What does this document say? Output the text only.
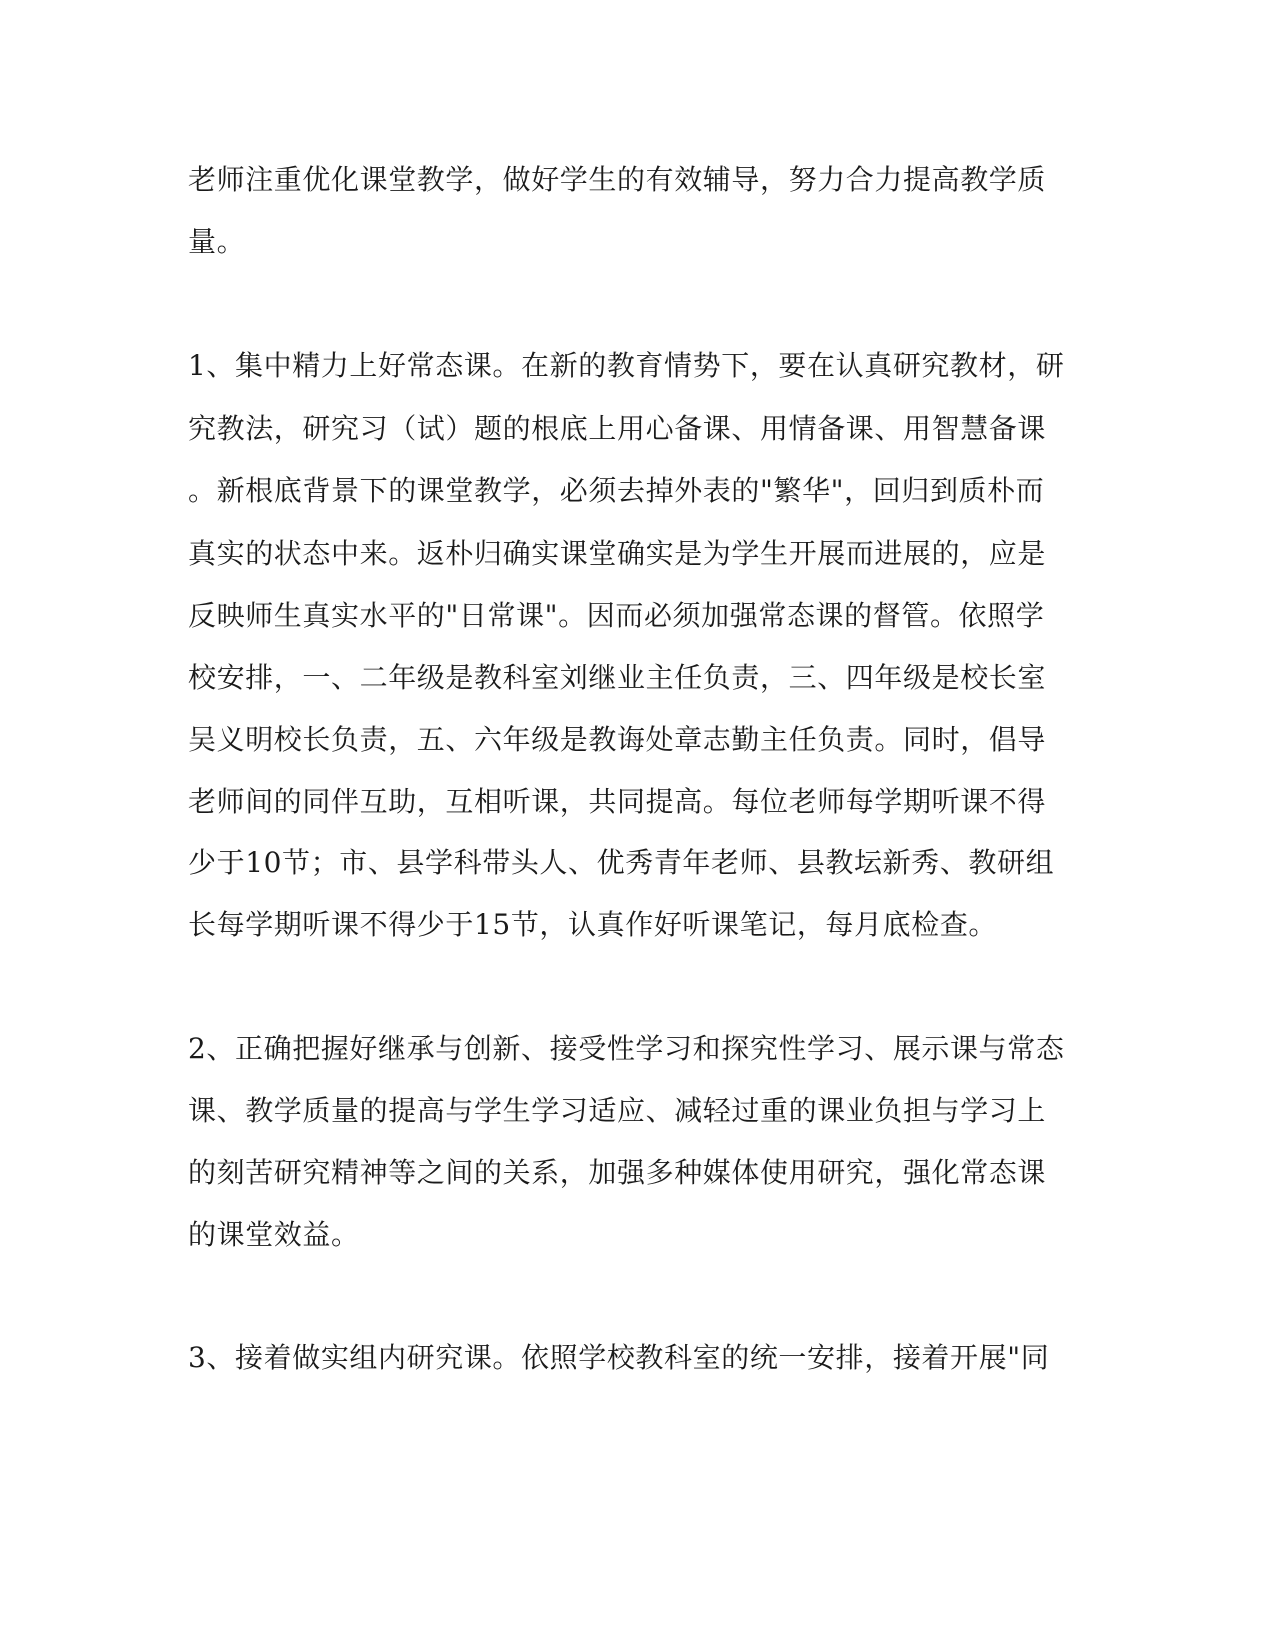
老师注重优化课堂教学，做好学生的有效辅导，努力合力提高教学质
量。
1、集中精力上好常态课。在新的教育情势下，要在认真研究教材，研
究教法，研究习（试）题的根底上用心备课、用情备课、用智慧备课
。新根底背景下的课堂教学，必须去掉外表的"繁华"，回归到质朴而
真实的状态中来。返朴归确实课堂确实是为学生开展而进展的，应是
反映师生真实水平的"日常课"。因而必须加强常态课的督管。依照学
校安排，一、二年级是教科室刘继业主任负责，三、四年级是校长室
吴义明校长负责，五、六年级是教诲处章志勤主任负责。同时，倡导
老师间的同伴互助，互相听课，共同提高。每位老师每学期听课不得
少于10节；市、县学科带头人、优秀青年老师、县教坛新秀、教研组
长每学期听课不得少于15节，认真作好听课笔记，每月底检查。
2、正确把握好继承与创新、接受性学习和探究性学习、展示课与常态
课、教学质量的提高与学生学习适应、减轻过重的课业负担与学习上
的刻苦研究精神等之间的关系，加强多种媒体使用研究，强化常态课
的课堂效益。
3、接着做实组内研究课。依照学校教科室的统一安排，接着开展"同
